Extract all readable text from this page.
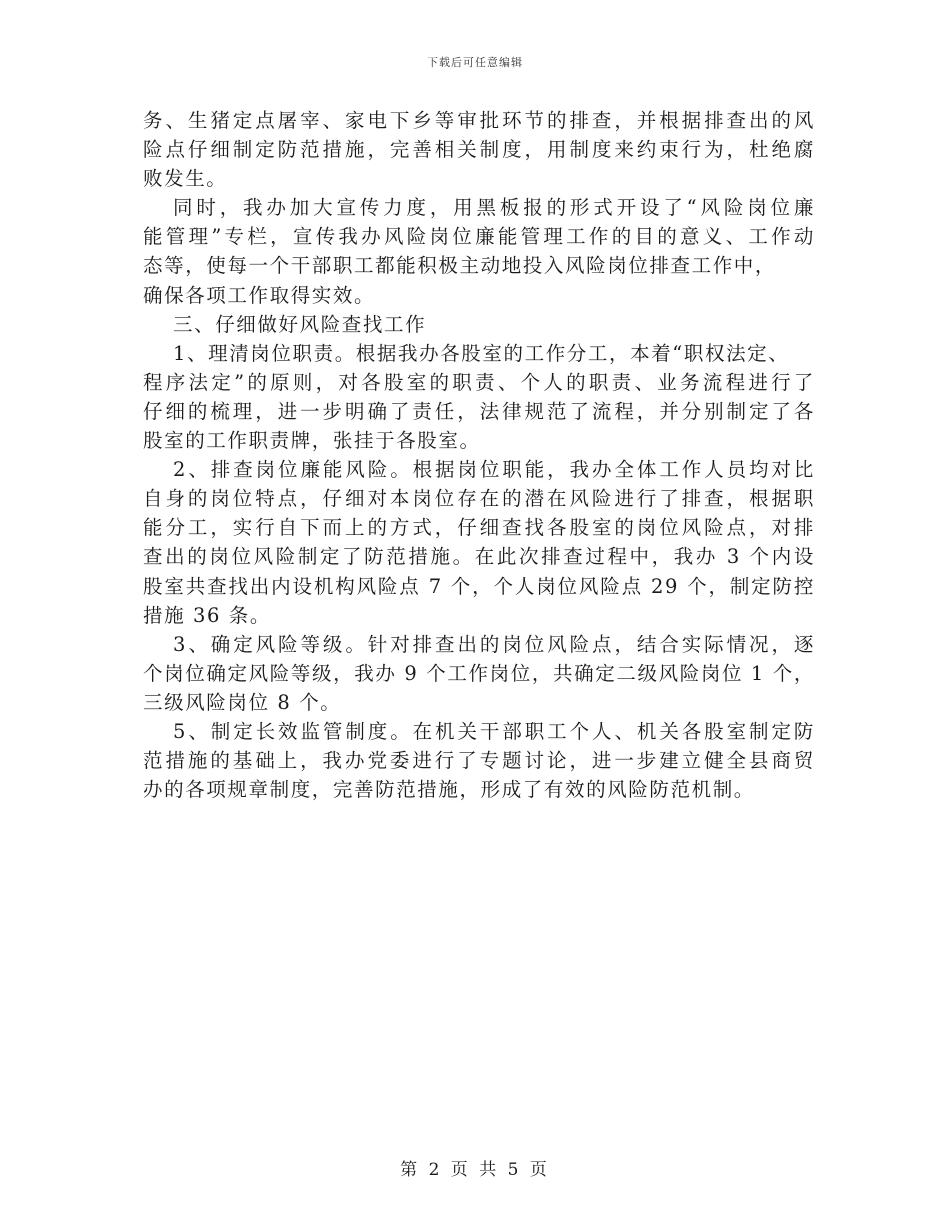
下载后可任意编辑
务、生猪定点屠宰、家电下乡等审批环节的排查，并根据排查出的风
险点仔细制定防范措施，完善相关制度，用制度来约束行为，杜绝腐
败发生。
同时，我办加大宣传力度，用黑板报的形式开设了“风险岗位廉
能管理”专栏，宣传我办风险岗位廉能管理工作的目的意义、工作动
态等，使每一个干部职工都能积极主动地投入风险岗位排查工作中，
确保各项工作取得实效。
三、仔细做好风险查找工作
1、理清岗位职责。根据我办各股室的工作分工，本着“职权法定、
程序法定”的原则，对各股室的职责、个人的职责、业务流程进行了
仔细的梳理，进一步明确了责任，法律规范了流程，并分别制定了各
股室的工作职责牌，张挂于各股室。
2、排查岗位廉能风险。根据岗位职能，我办全体工作人员均对比
自身的岗位特点，仔细对本岗位存在的潜在风险进行了排查，根据职
能分工，实行自下而上的方式，仔细查找各股室的岗位风险点，对排
查出的岗位风险制定了防范措施。在此次排查过程中，我办 3 个内设
股室共查找出内设机构风险点 7 个，个人岗位风险点 29 个，制定防控
措施 36 条。
3、确定风险等级。针对排查出的岗位风险点，结合实际情况，逐
个岗位确定风险等级，我办 9 个工作岗位，共确定二级风险岗位 1 个，
三级风险岗位 8 个。
5、制定长效监管制度。在机关干部职工个人、机关各股室制定防
范措施的基础上，我办党委进行了专题讨论，进一步建立健全县商贸
办的各项规章制度，完善防范措施，形成了有效的风险防范机制。
第 2 页 共 5 页
